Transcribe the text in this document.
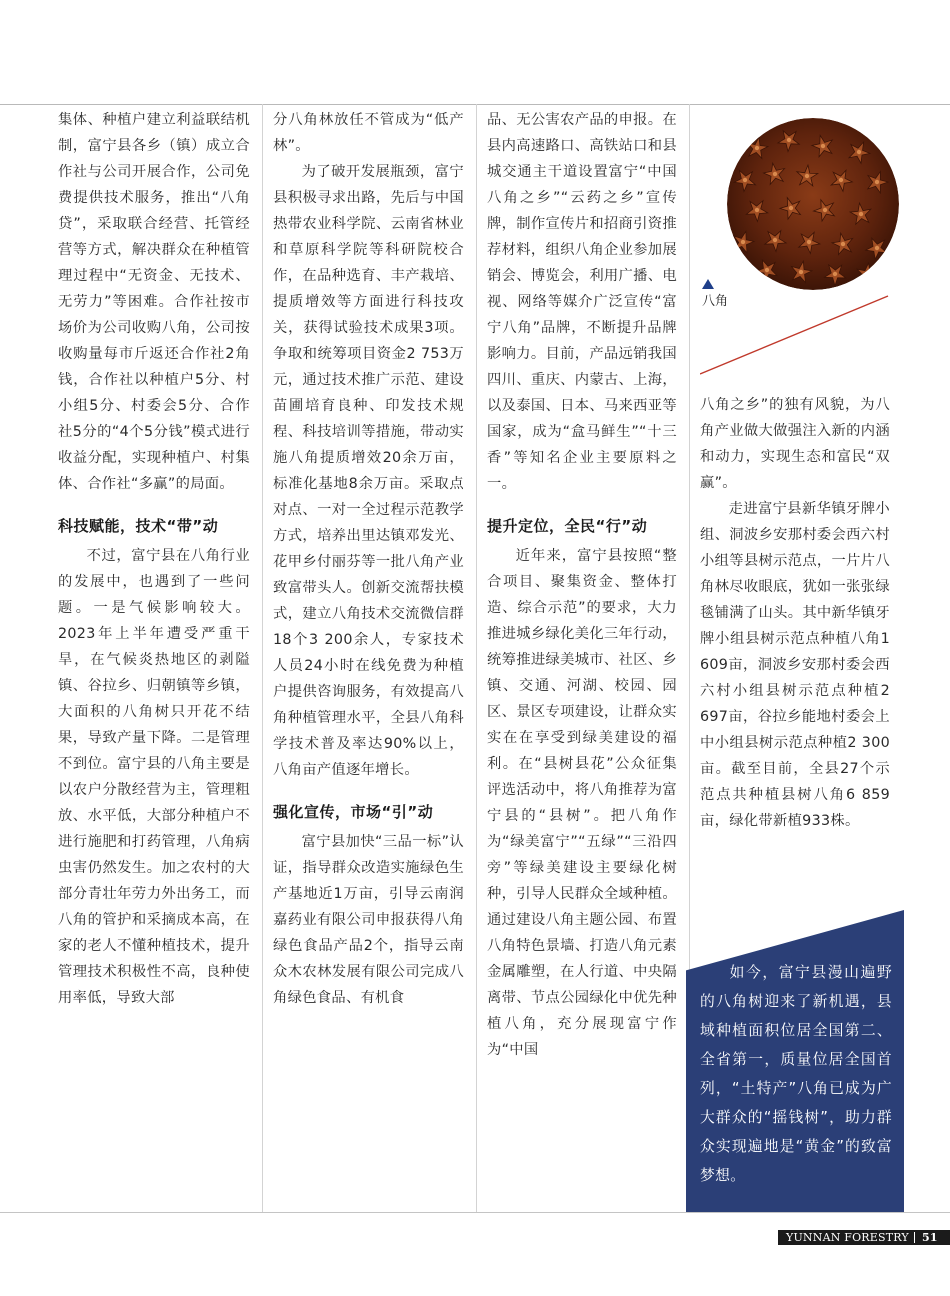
集体、种植户建立利益联结机制，富宁县各乡（镇）成立合作社与公司开展合作，公司免费提供技术服务，推出“八角贷”，采取联合经营、托管经营等方式，解决群众在种植管理过程中“无资金、无技术、无劳力”等困难。合作社按市场价为公司收购八角，公司按收购量每市斤返还合作社2角钱，合作社以种植户5分、村小组5分、村委会5分、合作社5分的“4个5分钱”模式进行收益分配，实现种植户、村集体、合作社“多赢”的局面。

科技赋能，技术“带”动

不过，富宁县在八角行业的发展中，也遇到了一些问题。一是气候影响较大。2023年上半年遭受严重干旱，在气候炎热地区的剥隘镇、谷拉乡、归朝镇等乡镇，大面积的八角树只开花不结果，导致产量下降。二是管理不到位。富宁县的八角主要是以农户分散经营为主，管理粗放、水平低，大部分种植户不进行施肥和打药管理，八角病虫害仍然发生。加之农村的大部分青壮年劳力外出务工，而八角的管护和采摘成本高，在家的老人不懂种植技术，提升管理技术积极性不高，良种使用率低，导致大部

分八角林放任不管成为“低产林”。

为了破开发展瓶颈，富宁县积极寻求出路，先后与中国热带农业科学院、云南省林业和草原科学院等科研院校合作，在品种选育、丰产栽培、提质增效等方面进行科技攻关，获得试验技术成果3项。争取和统筹项目资金2 753万元，通过技术推广示范、建设苗圃培育良种、印发技术规程、科技培训等措施，带动实施八角提质增效20余万亩，标准化基地8余万亩。采取点对点、一对一全过程示范教学方式，培养出里达镇邓发光、花甲乡付丽芬等一批八角产业致富带头人。创新交流帮扶模式，建立八角技术交流微信群18个3 200余人，专家技术人员24小时在线免费为种植户提供咨询服务，有效提高八角种植管理水平，全县八角科学技术普及率达90%以上，八角亩产值逐年增长。

强化宣传，市场“引”动

富宁县加快“三品一标”认证，指导群众改造实施绿色生产基地近1万亩，引导云南润嘉药业有限公司申报获得八角绿色食品产品2个，指导云南众木农林发展有限公司完成八角绿色食品、有机食

品、无公害农产品的申报。在县内高速路口、高铁站口和县城交通主干道设置富宁“中国八角之乡”“云药之乡”宣传牌，制作宣传片和招商引资推荐材料，组织八角企业参加展销会、博览会，利用广播、电视、网络等媒介广泛宣传“富宁八角”品牌，不断提升品牌影响力。目前，产品远销我国四川、重庆、内蒙古、上海，以及泰国、日本、马来西亚等国家，成为“盒马鲜生”“十三香”等知名企业主要原料之一。

提升定位，全民“行”动

近年来，富宁县按照“整合项目、聚集资金、整体打造、综合示范”的要求，大力推进城乡绿化美化三年行动，统筹推进绿美城市、社区、乡镇、交通、河湖、校园、园区、景区专项建设，让群众实实在在享受到绿美建设的福利。在“县树县花”公众征集评选活动中，将八角推荐为富宁县的“县树”。把八角作为“绿美富宁”“五绿”“三沿四旁”等绿美建设主要绿化树种，引导人民群众全域种植。通过建设八角主题公园、布置八角特色景墙、打造八角元素金属雕塑，在人行道、中央隔离带、节点公园绿化中优先种植八角，充分展现富宁作为“中国

八角

八角之乡”的独有风貌，为八角产业做大做强注入新的内涵和动力，实现生态和富民“双赢”。

走进富宁县新华镇牙牌小组、洞波乡安那村委会西六村小组等县树示范点，一片片八角林尽收眼底，犹如一张张绿毯铺满了山头。其中新华镇牙牌小组县树示范点种植八角1 609亩，洞波乡安那村委会西六村小组县树示范点种植2 697亩，谷拉乡能地村委会上中小组县树示范点种植2 300亩。截至目前，全县27个示范点共种植县树八角6 859亩，绿化带新植933株。

如今，富宁县漫山遍野的八角树迎来了新机遇，县域种植面积位居全国第二、全省第一，质量位居全国首列，“土特产”八角已成为广大群众的“摇钱树”，助力群众实现遍地是“黄金”的致富梦想。

YUNNAN FORESTRY 51
